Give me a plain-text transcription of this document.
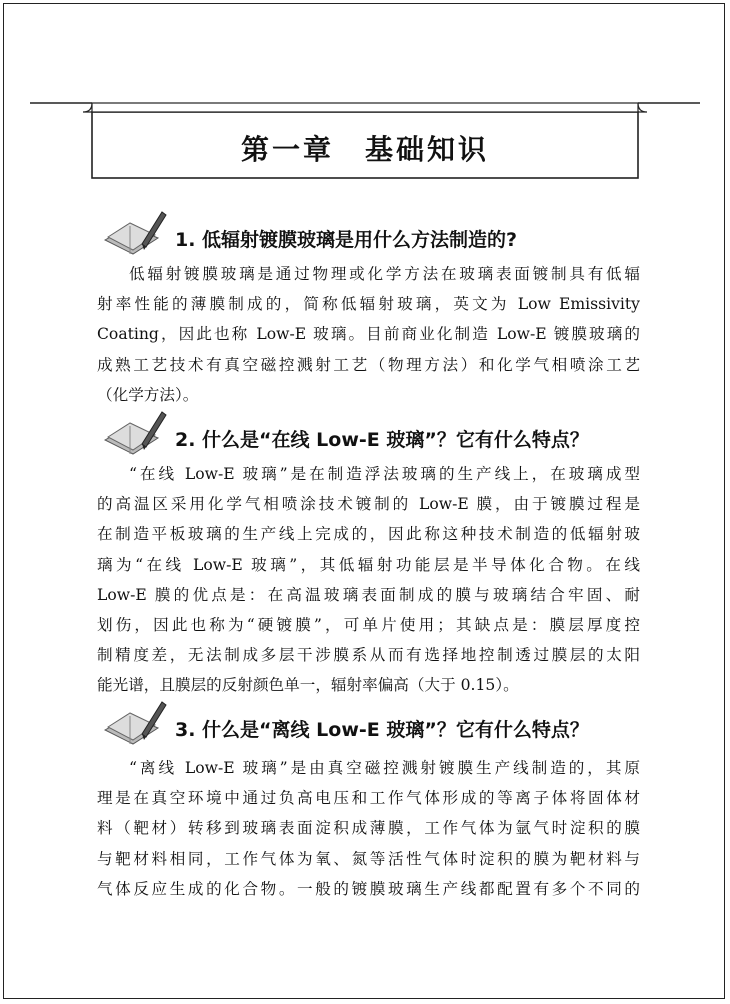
第一章　基础知识
1. 低辐射镀膜玻璃是用什么方法制造的?
低辐射镀膜玻璃是通过物理或化学方法在玻璃表面镀制具有低辐
射率性能的薄膜制成的，简称低辐射玻璃，英文为 Low Emissivity
Coating，因此也称 Low-E 玻璃。目前商业化制造 Low-E 镀膜玻璃的
成熟工艺技术有真空磁控溅射工艺（物理方法）和化学气相喷涂工艺
（化学方法）。
2. 什么是“在线 Low-E 玻璃”？它有什么特点？
“在线 Low-E 玻璃”是在制造浮法玻璃的生产线上，在玻璃成型
的高温区采用化学气相喷涂技术镀制的 Low-E 膜，由于镀膜过程是
在制造平板玻璃的生产线上完成的，因此称这种技术制造的低辐射玻
璃为“在线 Low-E 玻璃”，其低辐射功能层是半导体化合物。在线
Low-E 膜的优点是：在高温玻璃表面制成的膜与玻璃结合牢固、耐
划伤，因此也称为“硬镀膜”，可单片使用；其缺点是：膜层厚度控
制精度差，无法制成多层干涉膜系从而有选择地控制透过膜层的太阳
能光谱，且膜层的反射颜色单一，辐射率偏高（大于 0.15）。
3. 什么是“离线 Low-E 玻璃”？它有什么特点？
“离线 Low-E 玻璃”是由真空磁控溅射镀膜生产线制造的，其原
理是在真空环境中通过负高电压和工作气体形成的等离子体将固体材
料（靶材）转移到玻璃表面淀积成薄膜，工作气体为氩气时淀积的膜
与靶材料相同，工作气体为氧、氮等活性气体时淀积的膜为靶材料与
气体反应生成的化合物。一般的镀膜玻璃生产线都配置有多个不同的
